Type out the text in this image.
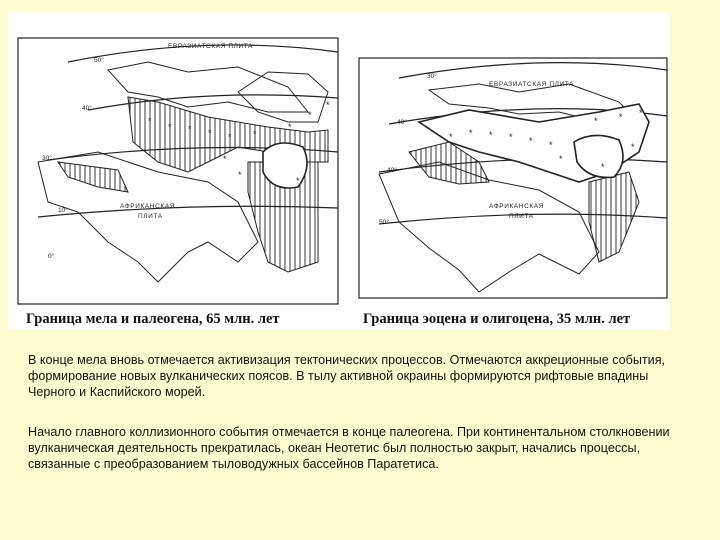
*
* * * * *
*
*
*
*
*
*
ЕВРАЗИАТСКАЯ ПЛИТА
АФРИКАНСКАЯ
ПЛИТА
50°
40°
30°
10°
0°
Граница мела и палеогена, 65 млн. лет
* * * * * *
*
* * *
*
*
ЕВРАЗИАТСКАЯ ПЛИТА
АФРИКАНСКАЯ
ПЛИТА
30°
40°
40°
50°
Граница эоцена и олигоцена, 35 млн. лет
В конце мела вновь отмечается активизация тектонических процессов. Отмечаются аккреционные события, формирование новых вулканических поясов. В тылу активной окраины формируются рифтовые впадины Черного и Каспийского морей.
Начало главного коллизионного события отмечается в конце палеогена. При континентальном столкновении вулканическая деятельность прекратилась, океан Неотетис был полностью закрыт, начались процессы, связанные с преобразованием тыловодужных бассейнов Паратетиса.
